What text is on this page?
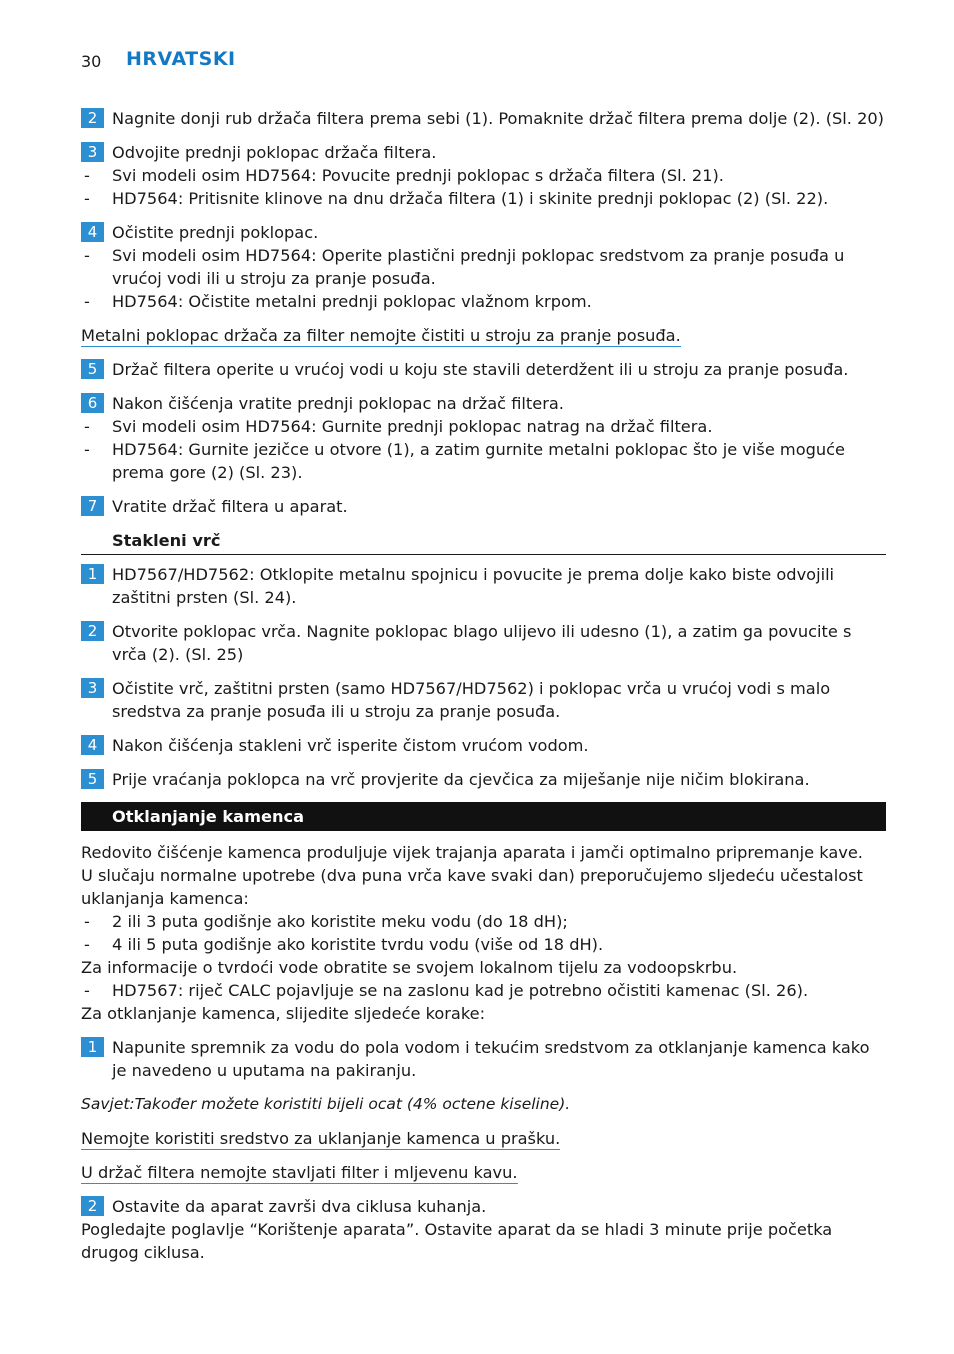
30 HRVATSKI
2 Nagnite donji rub držača filtera prema sebi (1). Pomaknite držač filtera prema dolje (2). (Sl. 20)
3 Odvojite prednji poklopac držača filtera.
- Svi modeli osim HD7564: Povucite prednji poklopac s držača filtera (Sl. 21).
- HD7564: Pritisnite klinove na dnu držača filtera (1) i skinite prednji poklopac (2) (Sl. 22).
4 Očistite prednji poklopac.
- Svi modeli osim HD7564: Operite plastični prednji poklopac sredstvom za pranje posuđa u vrućoj vodi ili u stroju za pranje posuđa.
- HD7564: Očistite metalni prednji poklopac vlažnom krpom.
Metalni poklopac držača za filter nemojte čistiti u stroju za pranje posuđa.
5 Držač filtera operite u vrućoj vodi u koju ste stavili deterdžent ili u stroju za pranje posuđa.
6 Nakon čišćenja vratite prednji poklopac na držač filtera.
- Svi modeli osim HD7564: Gurnite prednji poklopac natrag na držač filtera.
- HD7564: Gurnite jezičce u otvore (1), a zatim gurnite metalni poklopac što je više moguće prema gore (2) (Sl. 23).
7 Vratite držač filtera u aparat.
Stakleni vrč
1 HD7567/HD7562: Otklopite metalnu spojnicu i povucite je prema dolje kako biste odvojili zaštitni prsten (Sl. 24).
2 Otvorite poklopac vrča. Nagnite poklopac blago ulijevo ili udesno (1), a zatim ga povucite s vrča (2). (Sl. 25)
3 Očistite vrč, zaštitni prsten (samo HD7567/HD7562) i poklopac vrča u vrućoj vodi s malo sredstva za pranje posuđa ili u stroju za pranje posuđa.
4 Nakon čišćenja stakleni vrč isperite čistom vrućom vodom.
5 Prije vraćanja poklopca na vrč provjerite da cjevčica za miješanje nije ničim blokirana.
Otklanjanje kamenca
Redovito čišćenje kamenca produljuje vijek trajanja aparata i jamči optimalno pripremanje kave.
U slučaju normalne upotrebe (dva puna vrča kave svaki dan) preporučujemo sljedeću učestalost uklanjanja kamenca:
- 2 ili 3 puta godišnje ako koristite meku vodu (do 18 dH);
- 4 ili 5 puta godišnje ako koristite tvrdu vodu (više od 18 dH).
Za informacije o tvrdoći vode obratite se svojem lokalnom tijelu za vodoopskrbu.
- HD7567: riječ CALC pojavljuje se na zaslonu kad je potrebno očistiti kamenac (Sl. 26).
Za otklanjanje kamenca, slijedite sljedeće korake:
1 Napunite spremnik za vodu do pola vodom i tekućim sredstvom za otklanjanje kamenca kako je navedeno u uputama na pakiranju.
Savjet:Također možete koristiti bijeli ocat (4% octene kiseline).
Nemojte koristiti sredstvo za uklanjanje kamenca u prašku.
U držač filtera nemojte stavljati filter i mljevenu kavu.
2 Ostavite da aparat završi dva ciklusa kuhanja.
Pogledajte poglavlje “Korištenje aparata”. Ostavite aparat da se hladi 3 minute prije početka drugog ciklusa.
